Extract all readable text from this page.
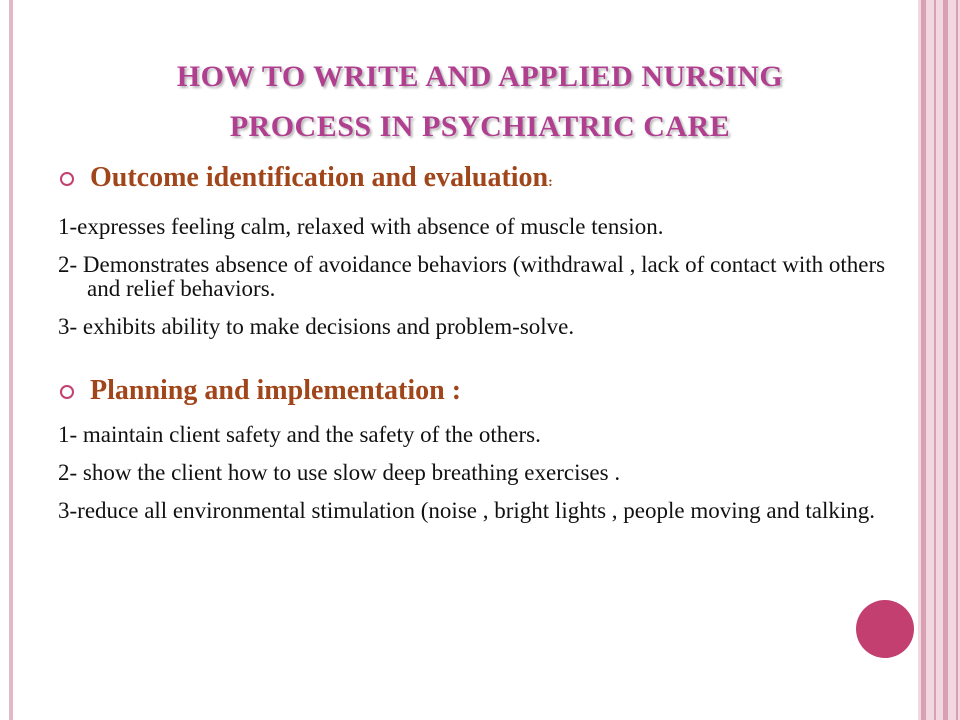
HOW TO WRITE AND APPLIED NURSING
PROCESS IN PSYCHIATRIC CARE
Outcome identification and evaluation:
1-expresses feeling calm, relaxed with absence of muscle tension.
2- Demonstrates absence of avoidance behaviors (withdrawal , lack of contact with others and relief behaviors.
3- exhibits ability to make decisions and problem-solve.
Planning and implementation :
1- maintain client safety and the safety of the others.
2- show the client how to use slow deep breathing exercises .
3-reduce all environmental stimulation (noise , bright lights , people moving and talking.
